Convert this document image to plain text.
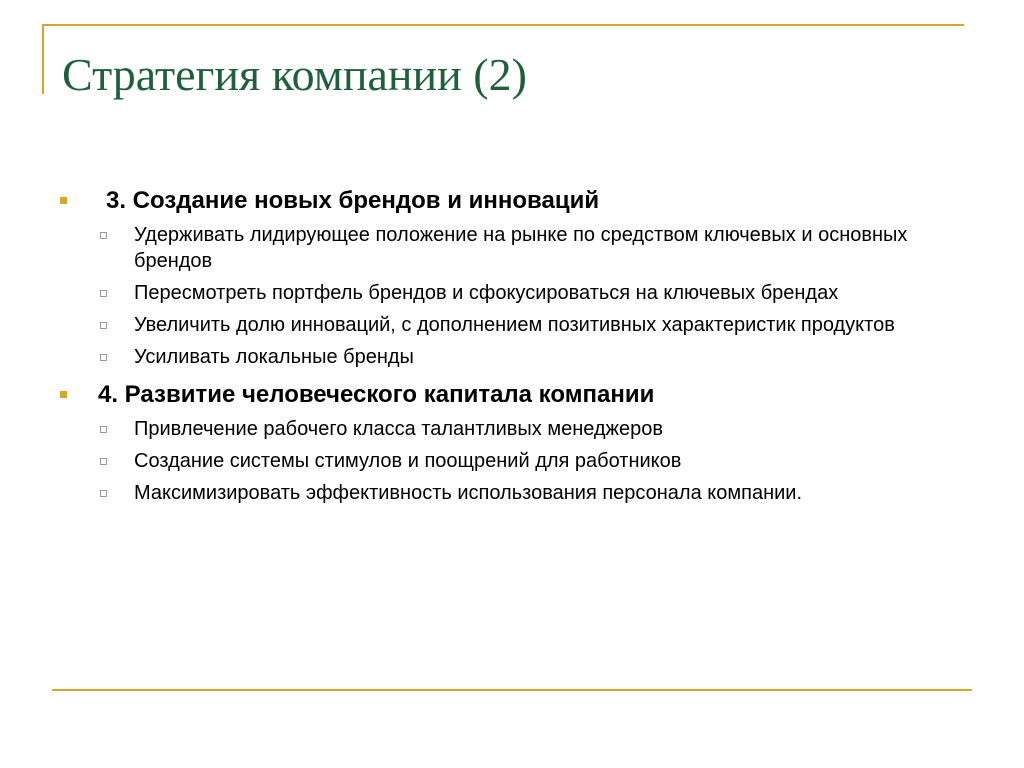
Стратегия компании (2)
3. Создание новых брендов и инноваций
Удерживать лидирующее положение на рынке по средством ключевых и основных брендов
Пересмотреть портфель брендов и сфокусироваться на ключевых брендах
Увеличить долю инноваций, с дополнением позитивных характеристик продуктов
Усиливать локальные бренды
4. Развитие человеческого капитала компании
Привлечение рабочего класса талантливых менеджеров
Создание системы стимулов и поощрений для работников
Максимизировать эффективность использования персонала компании.
